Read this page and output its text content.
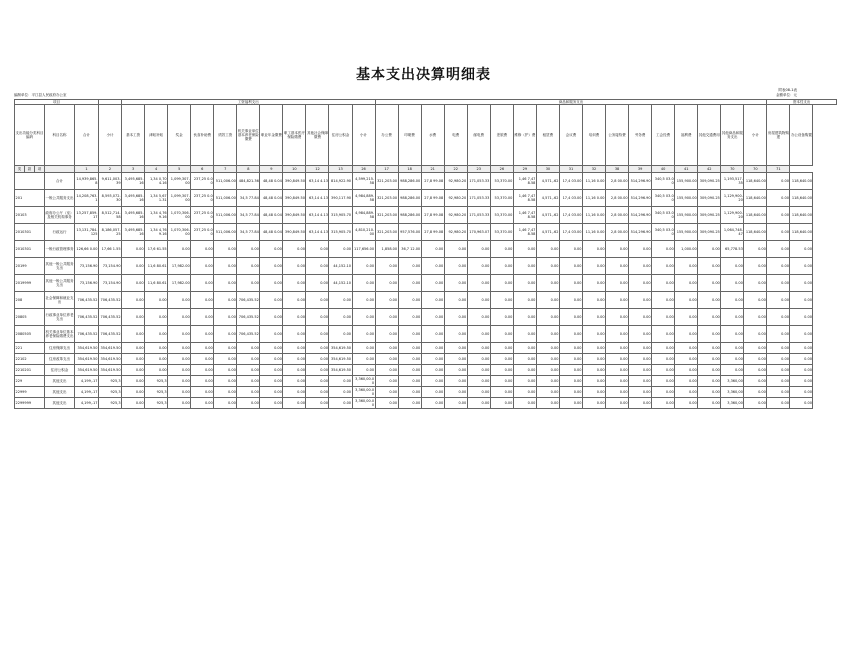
基本支出决算明细表
附表08-1表
金额单位：元
编制单位：平江县人民政府办公室
项目						工资福利支出											商品和服务支出																	资本性支出	
支出功能分类科目编码			科目名称	合计	小计	基本工资	津贴补贴	奖金	伙食补助费	绩效工资	机关事业单位基本养老保险缴费	职业年金缴费	职工基本医疗保险缴费	其他社会保障缴费	住房公积金	小计	办公费	印刷费	水费	电费	邮电费	差旅费	维修（护）费	租赁费	会议费	培训费	公务接待费	劳务费	工会经费	福利费	其他交通费用	其他商品和服务支出	小计	房屋建筑物购建	办公设备购置
类	款	项		1	2	3	4	5	6	7	8	9	10	12	13	26	17	18	21	22	23	26	29	30	31	32	38	39	40	41	42	70	70	71	
			合计	14,939,865.8	9,611,003.39	3,495,685.16	1,34 0,70 4.16	1,099,307.00	237,25 0.00	511,006.00	484,821.36	48,48 0.04	390,849.50	63,14 4.13	814,922.90	4,599,215.58	321,203.00	988,286.00	27,8 99.08	92,980.20	171,053.33	53,370.00	1,46 7,47 8.58	4,571,.62	17,4 03.00	11,16 0.00	2,8 00.00	514,296.90	340,5 03.00	155,900.00	309,090.25	1,193,517.35	118,640.00	0.00	118,640.00
201			一般公共服务支出	14,208,763.1	8,593,072.30	3,495,685.16	1,34 5,67 1.31	1,099,307.00	237,25 0.00	511,006.00	34,5 77.84	48,48 0.04	390,849.50	63,14 4.13	390,117.90	4,984,889.58	321,203.00	988,286.00	27,8 99.08	92,980.20	171,053.33	53,370.00	1,46 7,47 8.58	4,571,.62	17,4 03.00	11,16 0.00	2,8 00.00	514,296.90	340,5 03.00	155,900.00	309,090.25	1,129,900.20	118,640.00	0.00	118,640.00
20103			政府办公厅（室）及相关机构事务	13,257,859.17	8,512,714.58	3,495,685.16	1,34 4,76 9.16	1,070,306.00	237,25 0.00	511,006.00	34,5 77.84	48,48 0.04	390,849.50	63,14 4.13	315,905.70	4,984,889.58	321,203.00	988,286.00	27,8 99.08	92,980.20	171,053.33	53,370.00	1,46 7,47 8.58	4,571,.62	17,4 03.00	11,16 0.00	2,8 00.00	514,296.90	340,5 03.00	155,900.00	309,090.25	1,129,900.20	118,640.00	0.00	118,640.00
2010301			行政运行	13,131,784.125	8,186,057.25	3,495,685.16	1,34 4,76 9.16	1,070,306.00	237,25 0.00	511,006.00	34,5 77.84	48,48 0.04	390,849.50	63,14 4.13	315,905.70	4,810,210.00	321,203.00	957,576.00	27,8 99.08	92,980.20	170,963.07	53,370.00	1,46 7,47 8.58	4,571,.62	17,4 03.00	11,16 0.00	2,8 00.00	514,296.90	340,5 03.00	155,900.00	309,090.25	1,064,748.47	118,640.00	0.00	118,640.00
2010301			一般行政管理事务	126,66 0.00	17,66 1.55	0.00	17,6 61.55	0.00	0.00	0.00	0.00	0.00	0.00	0.00	0.00	117,656.00	1,858.00	36,7 12.00	0.00	0.00	0.00	0.00	0.00	0.00	0.00	0.00	0.00	0.00	0.00	1,000.00	0.00	65,778.53	0.00	0.00	0.00
20199			其他一般公共服务支出	73,156.90	73,154.90	0.00	11,6 80.61	17,982.00	0.00	0.00	0.00	0.00	0.00	0.00	44,152.10	0.00	0.00	0.00	0.00	0.00	0.00	0.00	0.00	0.00	0.00	0.00	0.00	0.00	0.00	0.00	0.00	0.00	0.00	0.00	0.00
2019999			其他一般公共服务支出	73,156.90	73,154.90	0.00	11,6 80.61	17,982.00	0.00	0.00	0.00	0.00	0.00	0.00	44,152.10	0.00	0.00	0.00	0.00	0.00	0.00	0.00	0.00	0.00	0.00	0.00	0.00	0.00	0.00	0.00	0.00	0.00	0.00	0.00	0.00
208			社会保障和就业支出	706,435.52	706,435.52	0.00	0.00	0.00	0.00	0.00	706,435.52	0.00	0.00	0.00	0.00	0.00	0.00	0.00	0.00	0.00	0.00	0.00	0.00	0.00	0.00	0.00	0.00	0.00	0.00	0.00	0.00	0.00	0.00	0.00	0.00
20805			行政事业单位养老支出	706,435.52	706,435.52	0.00	0.00	0.00	0.00	0.00	706,435.52	0.00	0.00	0.00	0.00	0.00	0.00	0.00	0.00	0.00	0.00	0.00	0.00	0.00	0.00	0.00	0.00	0.00	0.00	0.00	0.00	0.00	0.00	0.00	0.00
2080505			机关事业单位基本养老保险缴费支出	706,435.52	706,435.52	0.00	0.00	0.00	0.00	0.00	706,435.52	0.00	0.00	0.00	0.00	0.00	0.00	0.00	0.00	0.00	0.00	0.00	0.00	0.00	0.00	0.00	0.00	0.00	0.00	0.00	0.00	0.00	0.00	0.00	0.00
221			住房保障支出	354,619.50	354,619.50	0.00	0.00	0.00	0.00	0.00	0.00	0.00	0.00	0.00	354,619.50	0.00	0.00	0.00	0.00	0.00	0.00	0.00	0.00	0.00	0.00	0.00	0.00	0.00	0.00	0.00	0.00	0.00	0.00	0.00	0.00
22102			住房改革支出	354,619.50	354,619.50	0.00	0.00	0.00	0.00	0.00	0.00	0.00	0.00	0.00	354,619.50	0.00	0.00	0.00	0.00	0.00	0.00	0.00	0.00	0.00	0.00	0.00	0.00	0.00	0.00	0.00	0.00	0.00	0.00	0.00	0.00
2210201			住房公积金	354,619.50	354,619.50	0.00	0.00	0.00	0.00	0.00	0.00	0.00	0.00	0.00	354,619.50	0.00	0.00	0.00	0.00	0.00	0.00	0.00	0.00	0.00	0.00	0.00	0.00	0.00	0.00	0.00	0.00	0.00	0.00	0.00	0.00
229			其他支出	4,199,.17	925,3	0.00	925,3	0.00	0.00	0.00	0.00	0.00	0.00	0.00	0.00	3,360,00.00	0.00	0.00	0.00	0.00	0.00	0.00	0.00	0.00	0.00	0.00	0.00	0.00	0.00	0.00	0.00	3,360,00	0.00	0.00	0.00
22999			其他支出	4,199,.17	925,3	0.00	925,3	0.00	0.00	0.00	0.00	0.00	0.00	0.00	0.00	3,360,00.00	0.00	0.00	0.00	0.00	0.00	0.00	0.00	0.00	0.00	0.00	0.00	0.00	0.00	0.00	0.00	3,360,00	0.00	0.00	0.00
2299999			其他支出	4,199,.17	925,3	0.00	925,3	0.00	0.00	0.00	0.00	0.00	0.00	0.00	0.00	3,360,00.00	0.00	0.00	0.00	0.00	0.00	0.00	0.00	0.00	0.00	0.00	0.00	0.00	0.00	0.00	0.00	3,360,00	0.00	0.00	0.00
